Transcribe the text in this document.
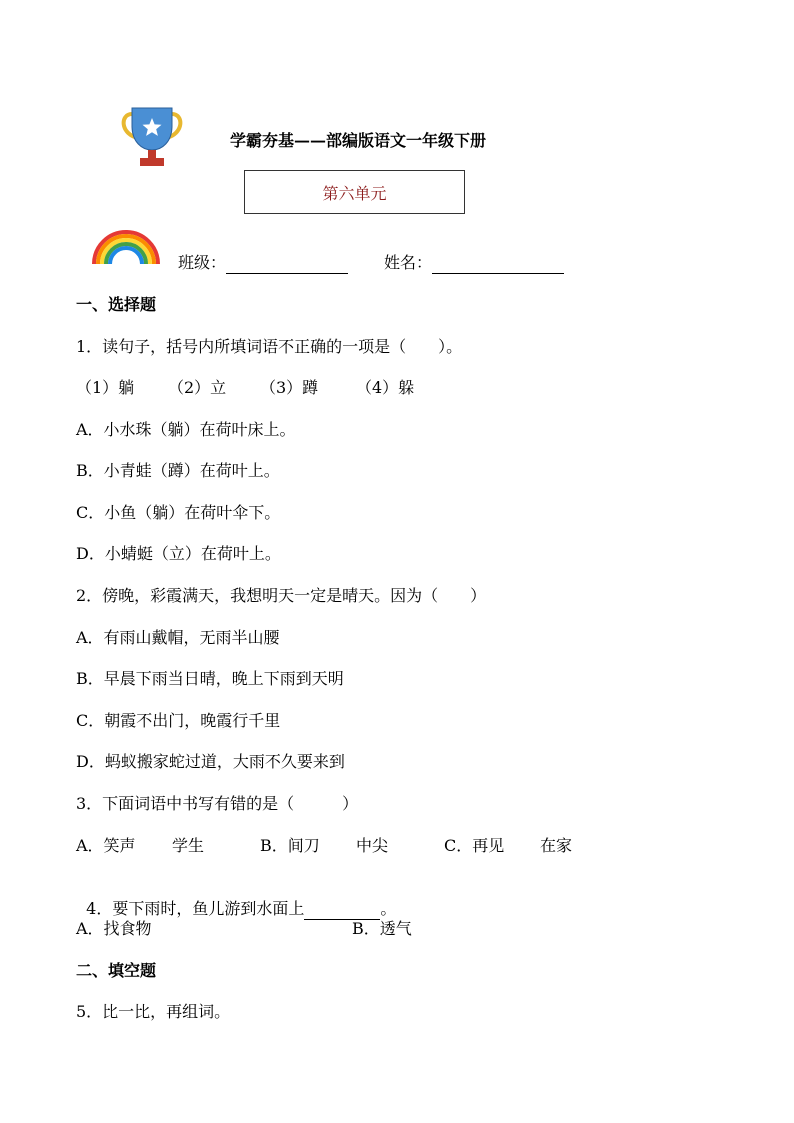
学霸夯基——部编版语文一年级下册
第六单元
班级：	姓名：
一、选择题
1．读句子，括号内所填词语不正确的一项是（　　）。
（1）躺 （2）立 （3）蹲 （4）躲
A．小水珠（躺）在荷叶床上。
B．小青蛙（蹲）在荷叶上。
C．小鱼（躺）在荷叶伞下。
D．小蜻蜓（立）在荷叶上。
2．傍晚，彩霞满天，我想明天一定是晴天。因为（　　）
A．有雨山戴帽，无雨半山腰
B．早晨下雨当日晴，晚上下雨到天明
C．朝霞不出门，晚霞行千里
D．蚂蚁搬家蛇过道，大雨不久要来到
3．下面词语中书写有错的是（　　　）
A．笑声 学生	B．间刀 中尖	C．再见 在家

4．要下雨时，鱼儿游到水面上	。

A．找食物	B．透气
二、填空题
5．比一比，再组词。
